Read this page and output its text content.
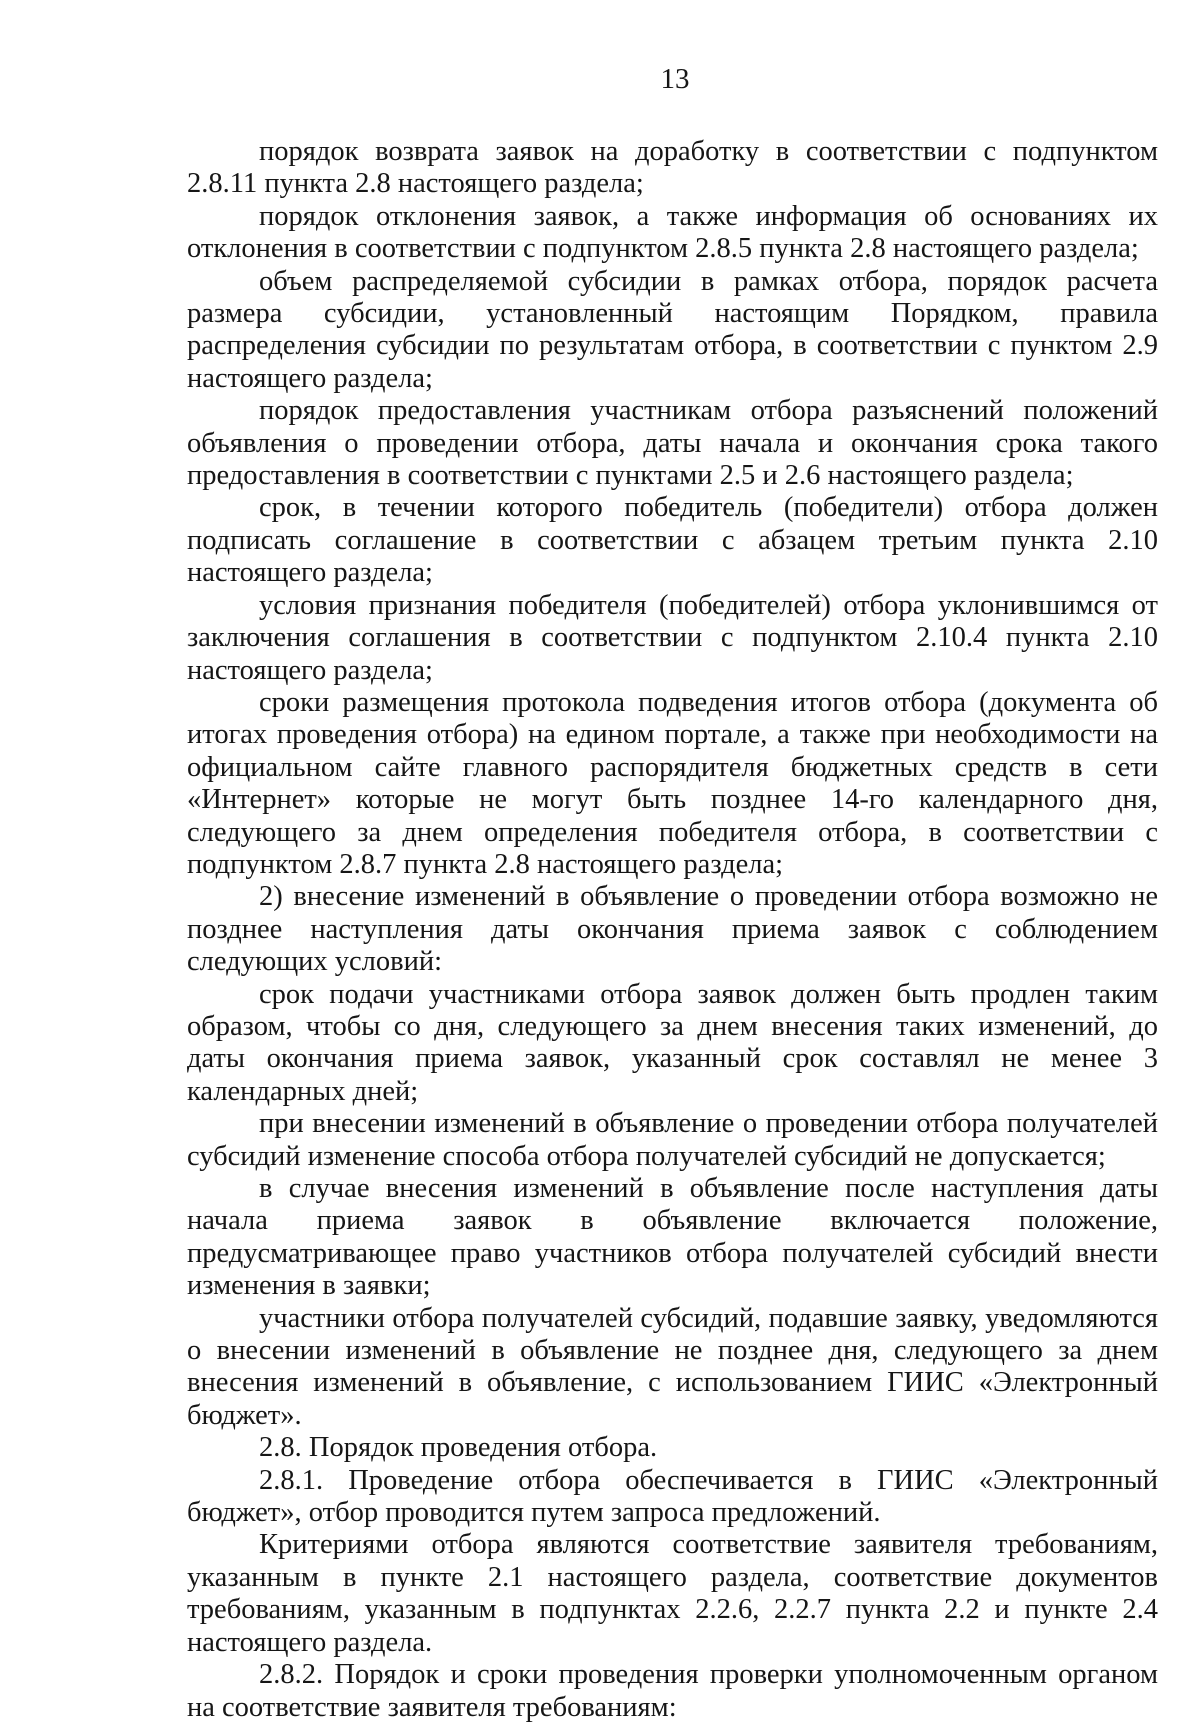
13

порядок возврата заявок на доработку в соответствии с подпунктом 2.8.11 пункта 2.8 настоящего раздела;

порядок отклонения заявок, а также информация об основаниях их отклонения в соответствии с подпунктом 2.8.5 пункта 2.8 настоящего раздела;

объем распределяемой субсидии в рамках отбора, порядок расчета размера субсидии, установленный настоящим Порядком, правила распределения субсидии по результатам отбора, в соответствии с пунктом 2.9 настоящего раздела;

порядок предоставления участникам отбора разъяснений положений объявления о проведении отбора, даты начала и окончания срока такого предоставления в соответствии с пунктами 2.5 и 2.6 настоящего раздела;

срок, в течении которого победитель (победители) отбора должен подписать соглашение в соответствии с абзацем третьим пункта 2.10 настоящего раздела;

условия признания победителя (победителей) отбора уклонившимся от заключения соглашения в соответствии с подпунктом 2.10.4 пункта 2.10 настоящего раздела;

сроки размещения протокола подведения итогов отбора (документа об итогах проведения отбора) на едином портале, а также при необходимости на официальном сайте главного распорядителя бюджетных средств в сети «Интернет» которые не могут быть позднее 14-го календарного дня, следующего за днем определения победителя отбора, в соответствии с подпунктом 2.8.7 пункта 2.8 настоящего раздела;

2) внесение изменений в объявление о проведении отбора возможно не позднее наступления даты окончания приема заявок с соблюдением следующих условий:

срок подачи участниками отбора заявок должен быть продлен таким образом, чтобы со дня, следующего за днем внесения таких изменений, до даты окончания приема заявок, указанный срок составлял не менее 3 календарных дней;

при внесении изменений в объявление о проведении отбора получателей субсидий изменение способа отбора получателей субсидий не допускается;

в случае внесения изменений в объявление после наступления даты начала приема заявок в объявление включается положение, предусматривающее право участников отбора получателей субсидий внести изменения в заявки;

участники отбора получателей субсидий, подавшие заявку, уведомляются о внесении изменений в объявление не позднее дня, следующего за днем внесения изменений в объявление, с использованием ГИИС «Электронный бюджет».

2.8. Порядок проведения отбора.

2.8.1. Проведение отбора обеспечивается в ГИИС «Электронный бюджет», отбор проводится путем запроса предложений.

Критериями отбора являются соответствие заявителя требованиям, указанным в пункте 2.1 настоящего раздела, соответствие документов требованиям, указанным в подпунктах 2.2.6, 2.2.7 пункта 2.2 и пункте 2.4 настоящего раздела.

2.8.2. Порядок и сроки проведения проверки уполномоченным органом на соответствие заявителя требованиям:
